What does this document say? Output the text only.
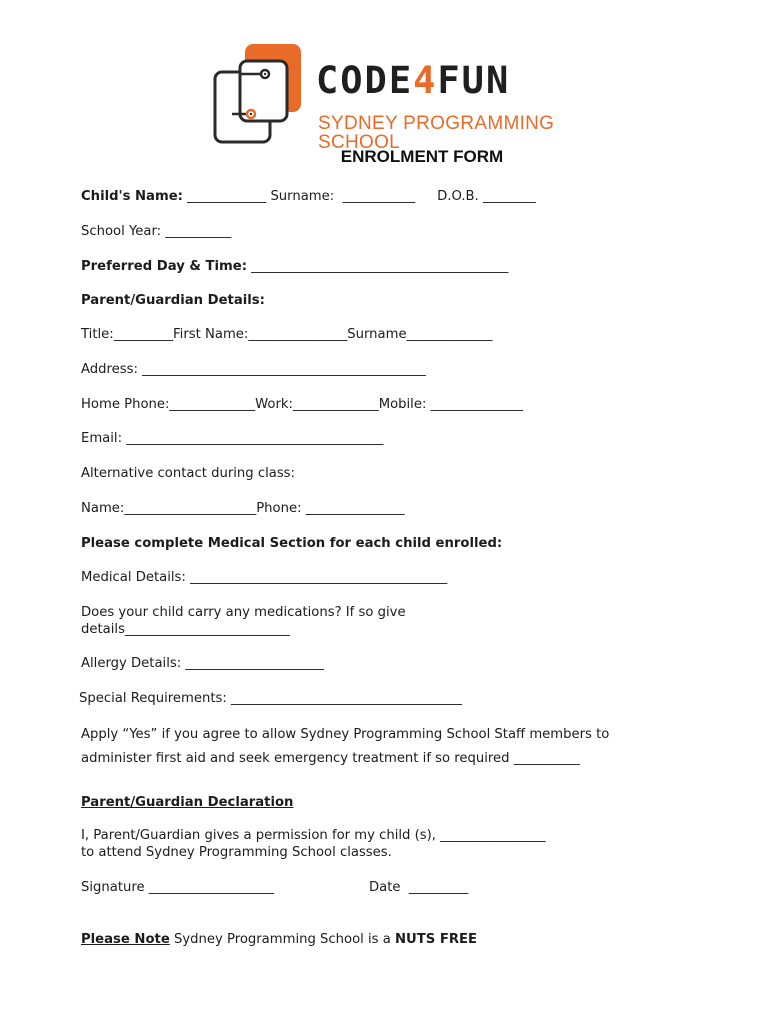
CODE4FUN
SYDNEY PROGRAMMING SCHOOL
ENROLMENT FORM
Child's Name: ____________ Surname:  ___________ D.O.B. ________
School Year: __________
Preferred Day & Time: _______________________________________
Parent/Guardian Details:
Title:_________First Name:_______________Surname_____________
Address: ___________________________________________
Home Phone:_____________Work:_____________Mobile: ______________
Email: _______________________________________
Alternative contact during class:
Name:____________________Phone: _______________
Please complete Medical Section for each child enrolled:
Medical Details: _______________________________________
Does your child carry any medications? If so give
details_________________________
Allergy Details: _____________________
Special Requirements: ___________________________________
Apply “Yes” if you agree to allow Sydney Programming School Staff members to
administer first aid and seek emergency treatment if so required __________
Parent/Guardian Declaration
I, Parent/Guardian gives a permission for my child (s), ________________
to attend Sydney Programming School classes.
Signature ___________________	Date  _________
Please Note Sydney Programming School is a NUTS FREE
